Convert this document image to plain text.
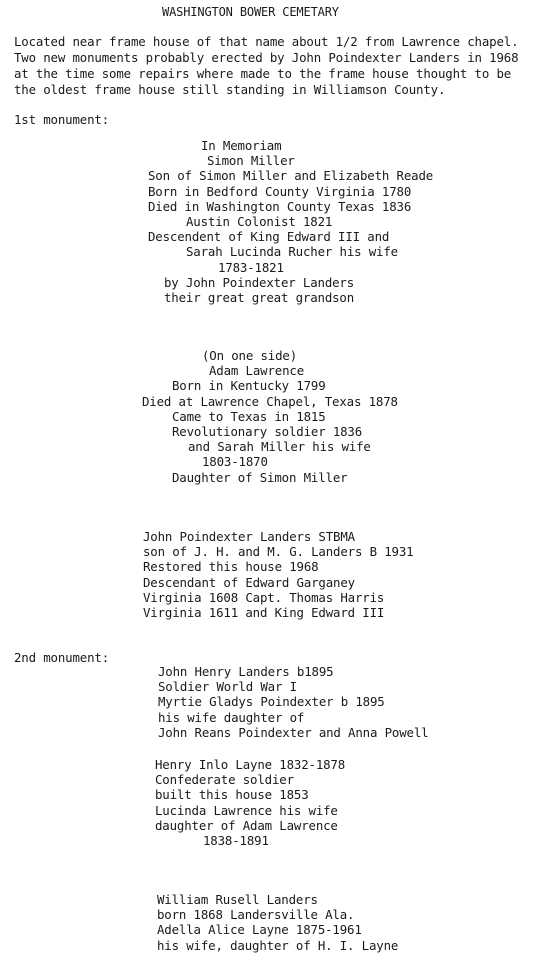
WASHINGTON BOWER CEMETARY
Located near frame house of that name about 1/2 from Lawrence chapel.
Two new monuments probably erected by John Poindexter Landers in 1968
at the time some repairs where made to the frame house thought to be
the oldest frame house still standing in Williamson County.
1st monument:
In Memoriam
Simon Miller
Son of Simon Miller and Elizabeth Reade
Born in Bedford County Virginia 1780
Died in Washington County Texas 1836
Austin Colonist 1821
Descendent of King Edward III and
Sarah Lucinda Rucher his wife
1783-1821
by John Poindexter Landers
their great great grandson
(On one side)
Adam Lawrence
Born in Kentucky 1799
Died at Lawrence Chapel, Texas 1878
Came to Texas in 1815
Revolutionary soldier 1836
and Sarah Miller his wife
1803-1870
Daughter of Simon Miller
John Poindexter Landers STBMA
son of J. H. and M. G. Landers B 1931
Restored this house 1968
Descendant of Edward Garganey
Virginia 1608 Capt. Thomas Harris
Virginia 1611 and King Edward III
2nd monument:
John Henry Landers b1895
Soldier World War I
Myrtie Gladys Poindexter b 1895
his wife daughter of
John Reans Poindexter and Anna Powell
Henry Inlo Layne 1832-1878
Confederate soldier
built this house 1853
Lucinda Lawrence his wife
daughter of Adam Lawrence
1838-1891
William Rusell Landers
born 1868 Landersville Ala.
Adella Alice Layne 1875-1961
his wife, daughter of H. I. Layne
